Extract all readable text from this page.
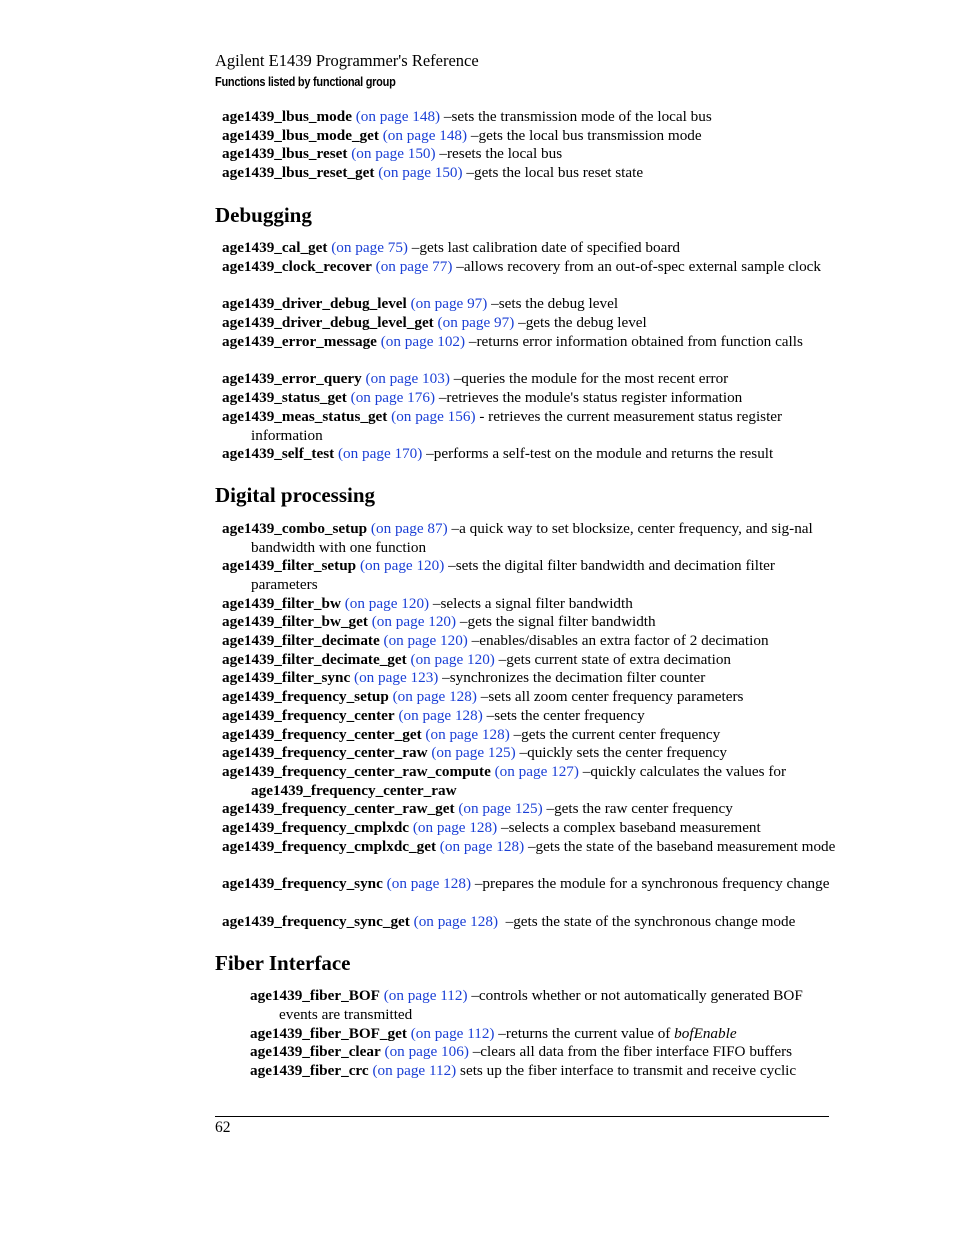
Agilent E1439 Programmer's Reference
Functions listed by functional group
age1439_lbus_mode (on page 148) –sets the transmission mode of the local bus
age1439_lbus_mode_get (on page 148) –gets the local bus transmission mode
age1439_lbus_reset (on page 150) –resets the local bus
age1439_lbus_reset_get (on page 150) –gets the local bus reset state
Debugging
age1439_cal_get (on page 75) –gets last calibration date of specified board
age1439_clock_recover (on page 77) –allows recovery from an out-of-spec external sample clock
age1439_driver_debug_level (on page 97) –sets the debug level
age1439_driver_debug_level_get (on page 97) –gets the debug level
age1439_error_message (on page 102) –returns error information obtained from function calls
age1439_error_query (on page 103) –queries the module for the most recent error
age1439_status_get (on page 176) –retrieves the module's status register information
age1439_meas_status_get (on page 156) - retrieves the current measurement status register information
age1439_self_test (on page 170) –performs a self-test on the module and returns the result
Digital processing
age1439_combo_setup (on page 87) –a quick way to set blocksize, center frequency, and sig-nal bandwidth with one function
age1439_filter_setup (on page 120) –sets the digital filter bandwidth and decimation filter parameters
age1439_filter_bw (on page 120) –selects a signal filter bandwidth
age1439_filter_bw_get (on page 120) –gets the signal filter bandwidth
age1439_filter_decimate (on page 120) –enables/disables an extra factor of 2 decimation
age1439_filter_decimate_get (on page 120) –gets current state of extra decimation
age1439_filter_sync (on page 123) –synchronizes the decimation filter counter
age1439_frequency_setup (on page 128) –sets all zoom center frequency parameters
age1439_frequency_center (on page 128) –sets the center frequency
age1439_frequency_center_get (on page 128) –gets the current center frequency
age1439_frequency_center_raw (on page 125) –quickly sets the center frequency
age1439_frequency_center_raw_compute (on page 127) –quickly calculates the values for age1439_frequency_center_raw
age1439_frequency_center_raw_get (on page 125) –gets the raw center frequency
age1439_frequency_cmplxdc (on page 128) –selects a complex baseband measurement
age1439_frequency_cmplxdc_get (on page 128) –gets the state of the baseband measurement mode
age1439_frequency_sync (on page 128) –prepares the module for a synchronous frequency change
age1439_frequency_sync_get (on page 128)  –gets the state of the synchronous change mode
Fiber Interface
age1439_fiber_BOF (on page 112) –controls whether or not automatically generated BOF events are transmitted
age1439_fiber_BOF_get (on page 112) –returns the current value of bofEnable
age1439_fiber_clear (on page 106) –clears all data from the fiber interface FIFO buffers
age1439_fiber_crc (on page 112) sets up the fiber interface to transmit and receive cyclic
62
